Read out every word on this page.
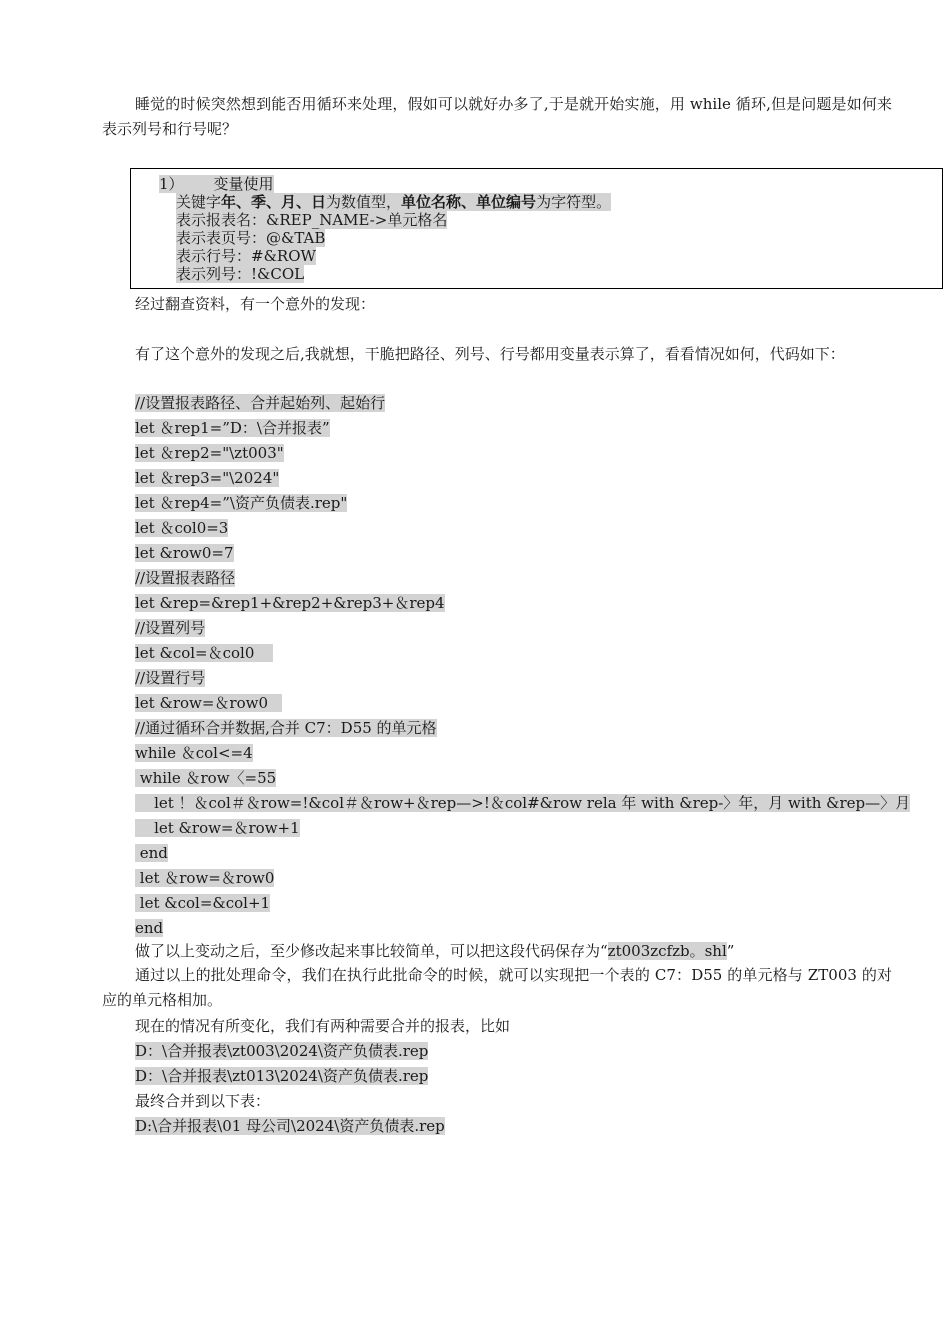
睡觉的时候突然想到能否用循环来处理，假如可以就好办多了,于是就开始实施，用 while 循环,但是问题是如何来表示列号和行号呢？
1） 变量使用
关键字年、季、月、日为数值型，单位名称、单位编号为字符型。
表示报表名：&REP_NAME->单元格名
表示表页号：@&TAB
表示行号：#&ROW
表示列号：!&COL
经过翻查资料，有一个意外的发现：
有了这个意外的发现之后,我就想，干脆把路径、列号、行号都用变量表示算了，看看情况如何，代码如下：
//设置报表路径、合并起始列、起始行
let ＆rep1=”D：\合并报表”
let ＆rep2="\zt003"
let ＆rep3="\2024"
let ＆rep4=”\资产负债表.rep"
let ＆col0=3
let &row0=7
//设置报表路径
let &rep=&rep1+&rep2+&rep3+＆rep4
//设置列号
let &col=＆col0
//设置行号
let &row=＆row0
//通过循环合并数据,合并 C7：D55 的单元格
while ＆col<=4
while ＆row〈=55
let ！＆col＃＆row=!&col＃＆row+＆rep—>!＆col#&row rela 年 with &rep-〉年，月 with &rep—〉月
let &row=＆row+1
end
let ＆row=＆row0
let &col=&col+1
end
做了以上变动之后，至少修改起来事比较简单，可以把这段代码保存为“zt003zcfzb。shl”
通过以上的批处理命令，我们在执行此批命令的时候，就可以实现把一个表的 C7：D55 的单元格与 ZT003 的对应的单元格相加。
现在的情况有所变化，我们有两种需要合并的报表，比如
D：\合并报表\zt003\2024\资产负债表.rep
D：\合并报表\zt013\2024\资产负债表.rep
最终合并到以下表：
D:\合并报表\01 母公司\2024\资产负债表.rep
